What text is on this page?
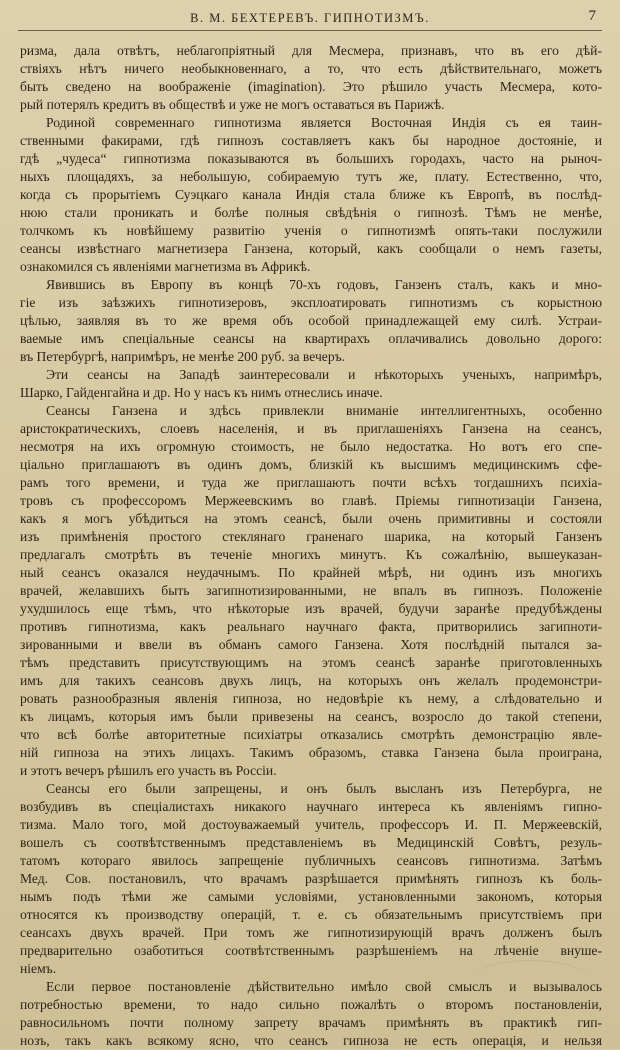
В. М. БЕХТЕРЕВЪ. ГИПНОТИЗМЪ.	7
ризма, дала отвѣтъ, неблагопріятный для Месмера, признавъ, что въ его дѣй-
ствіяхъ нѣтъ ничего необыкновеннаго, а то, что есть дѣйствительнаго, можетъ
быть сведено на воображеніе (imagination). Это рѣшило участь Месмера, кото-
рый потерялъ кредитъ въ обществѣ и уже не могъ оставаться въ Парижѣ.
Родиной современнаго гипнотизма является Восточная Индія съ ея таин-
ственными факирами, гдѣ гипнозъ составляетъ какъ бы народное достояніе, и
гдѣ „чудеса“ гипнотизма показываются въ большихъ городахъ, часто на рыноч-
ныхъ площадяхъ, за небольшую, собираемую тутъ же, плату. Естественно, что,
когда съ прорытіемъ Суэцкаго канала Индія стала ближе къ Европѣ, въ послѣд-
нюю стали проникать и болѣе полныя свѣдѣнія о гипнозѣ. Тѣмъ не менѣе,
толчкомъ къ новѣйшему развитію ученія о гипнотизмѣ опять-таки послужили
сеансы извѣстнаго магнетизера Ганзена, который, какъ сообщали о немъ газеты,
ознакомился съ явленіями магнетизма въ Африкѣ.
Явившись въ Европу въ концѣ 70-хъ годовъ, Ганзенъ сталъ, какъ и мно-
гіе изъ заѣзжихъ гипнотизеровъ, эксплоатировать гипнотизмъ съ корыстною
цѣлью, заявляя въ то же время объ особой принадлежащей ему силѣ. Устраи-
ваемые имъ спеціальные сеансы на квартирахъ оплачивались довольно дорого:
въ Петербургѣ, напримѣръ, не менѣе 200 руб. за вечеръ.
Эти сеансы на Западѣ заинтересовали и нѣкоторыхъ ученыхъ, напримѣръ,
Шарко, Гайденгайна и др. Но у насъ къ нимъ отнеслись иначе.
Сеансы Ганзена и здѣсь привлекли вниманіе интеллигентныхъ, особенно
аристократическихъ, слоевъ населенія, и въ приглашеніяхъ Ганзена на сеансъ,
несмотря на ихъ огромную стоимость, не было недостатка. Но вотъ его спе-
ціально приглашаютъ въ одинъ домъ, близкій къ высшимъ медицинскимъ сфе-
рамъ того времени, и туда же приглашаютъ почти всѣхъ тогдашнихъ психіа-
тровъ съ профессоромъ Мержеевскимъ во главѣ. Пріемы гипнотизаціи Ганзена,
какъ я могъ убѣдиться на этомъ сеансѣ, были очень примитивны и состояли
изъ примѣненія простого стеклянаго граненаго шарика, на который Ганзенъ
предлагалъ смотрѣть въ теченіе многихъ минутъ. Къ сожалѣнію, вышеуказан-
ный сеансъ оказался неудачнымъ. По крайней мѣрѣ, ни одинъ изъ многихъ
врачей, желавшихъ быть загипнотизированными, не впалъ въ гипнозъ. Положеніе
ухудшилось еще тѣмъ, что нѣкоторые изъ врачей, будучи заранѣе предубѣждены
противъ гипнотизма, какъ реальнаго научнаго факта, притворились загипноти-
зированными и ввели въ обманъ самого Ганзена. Хотя послѣдній пытался за-
тѣмъ представить присутствующимъ на этомъ сеансѣ заранѣе приготовленныхъ
имъ для такихъ сеансовъ двухъ лицъ, на которыхъ онъ желалъ продемонстри-
ровать разнообразныя явленія гипноза, но недовѣріе къ нему, а слѣдовательно и
къ лицамъ, которыя имъ были привезены на сеансъ, возросло до такой степени,
что всѣ болѣе авторитетные психіатры отказались смотрѣть демонстрацію явле-
ній гипноза на этихъ лицахъ. Такимъ образомъ, ставка Ганзена была проиграна,
и этотъ вечеръ рѣшилъ его участь въ Россіи.
Сеансы его были запрещены, и онъ былъ высланъ изъ Петербурга, не
возбудивъ въ спеціалистахъ никакого научнаго интереса къ явленіямъ гипно-
тизма. Мало того, мой достоуважаемый учитель, профессоръ И. П. Мержеевскій,
вошелъ съ соотвѣтственнымъ представленіемъ въ Медицинскій Совѣтъ, резуль-
татомъ котораго явилось запрещеніе публичныхъ сеансовъ гипнотизма. Затѣмъ
Мед. Сов. постановилъ, что врачамъ разрѣшается примѣнять гипнозъ къ боль-
нымъ подъ тѣми же самыми условіями, установленными закономъ, которыя
относятся къ производству операцій, т. е. съ обязательнымъ присутствіемъ при
сеансахъ двухъ врачей. При томъ же гипнотизирующій врачъ долженъ былъ
предварительно озаботиться соотвѣтственнымъ разрѣшеніемъ на лѣченіе внуше-
ніемъ.
Если первое постановленіе дѣйствительно имѣло свой смыслъ и вызывалось
потребностью времени, то надо сильно пожалѣть о второмъ постановленіи,
равносильномъ почти полному запрету врачамъ примѣнять въ практикѣ гип-
нозъ, такъ какъ всякому ясно, что сеансъ гипноза не есть операція, и нельзя
